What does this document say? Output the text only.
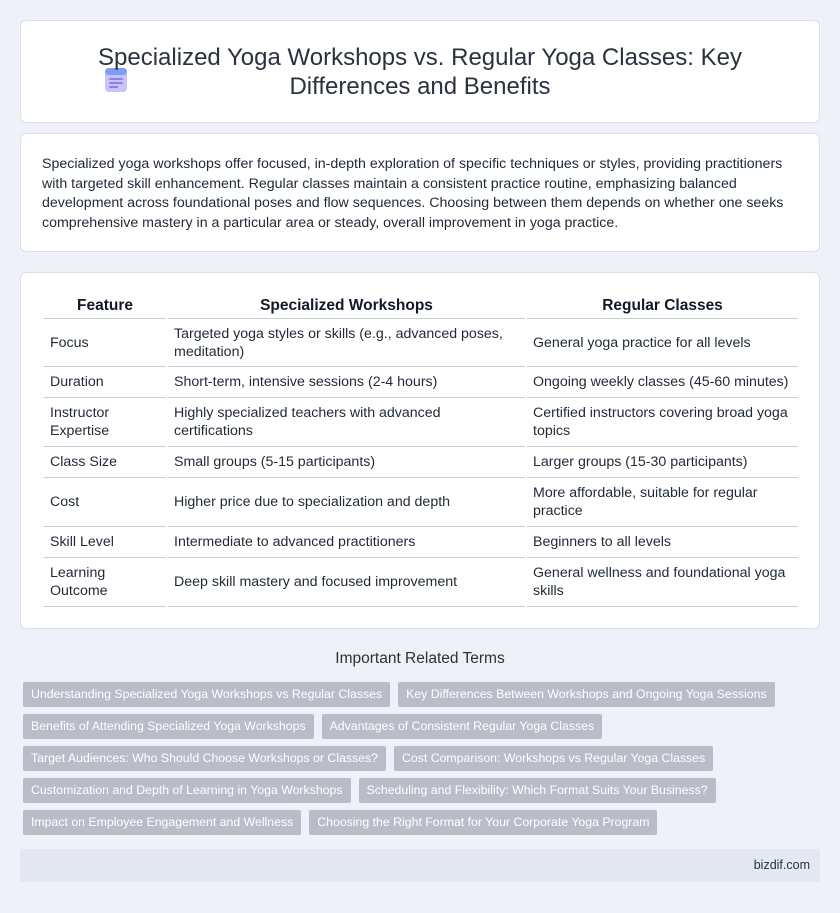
Specialized Yoga Workshops vs. Regular Yoga Classes: Key Differences and Benefits

Specialized yoga workshops offer focused, in-depth exploration of specific techniques or styles, providing practitioners with targeted skill enhancement. Regular classes maintain a consistent practice routine, emphasizing balanced development across foundational poses and flow sequences. Choosing between them depends on whether one seeks comprehensive mastery in a particular area or steady, overall improvement in yoga practice.

Feature	Specialized Workshops	Regular Classes
Focus	Targeted yoga styles or skills (e.g., advanced poses, meditation)	General yoga practice for all levels
Duration	Short-term, intensive sessions (2-4 hours)	Ongoing weekly classes (45-60 minutes)
Instructor Expertise	Highly specialized teachers with advanced certifications	Certified instructors covering broad yoga topics
Class Size	Small groups (5-15 participants)	Larger groups (15-30 participants)
Cost	Higher price due to specialization and depth	More affordable, suitable for regular practice
Skill Level	Intermediate to advanced practitioners	Beginners to all levels
Learning Outcome	Deep skill mastery and focused improvement	General wellness and foundational yoga skills
Important Related Terms
Understanding Specialized Yoga Workshops vs Regular Classes	Key Differences Between Workshops and Ongoing Yoga Sessions
Benefits of Attending Specialized Yoga Workshops	Advantages of Consistent Regular Yoga Classes
Target Audiences: Who Should Choose Workshops or Classes?	Cost Comparison: Workshops vs Regular Yoga Classes
Customization and Depth of Learning in Yoga Workshops	Scheduling and Flexibility: Which Format Suits Your Business?
Impact on Employee Engagement and Wellness	Choosing the Right Format for Your Corporate Yoga Program
bizdif.com
